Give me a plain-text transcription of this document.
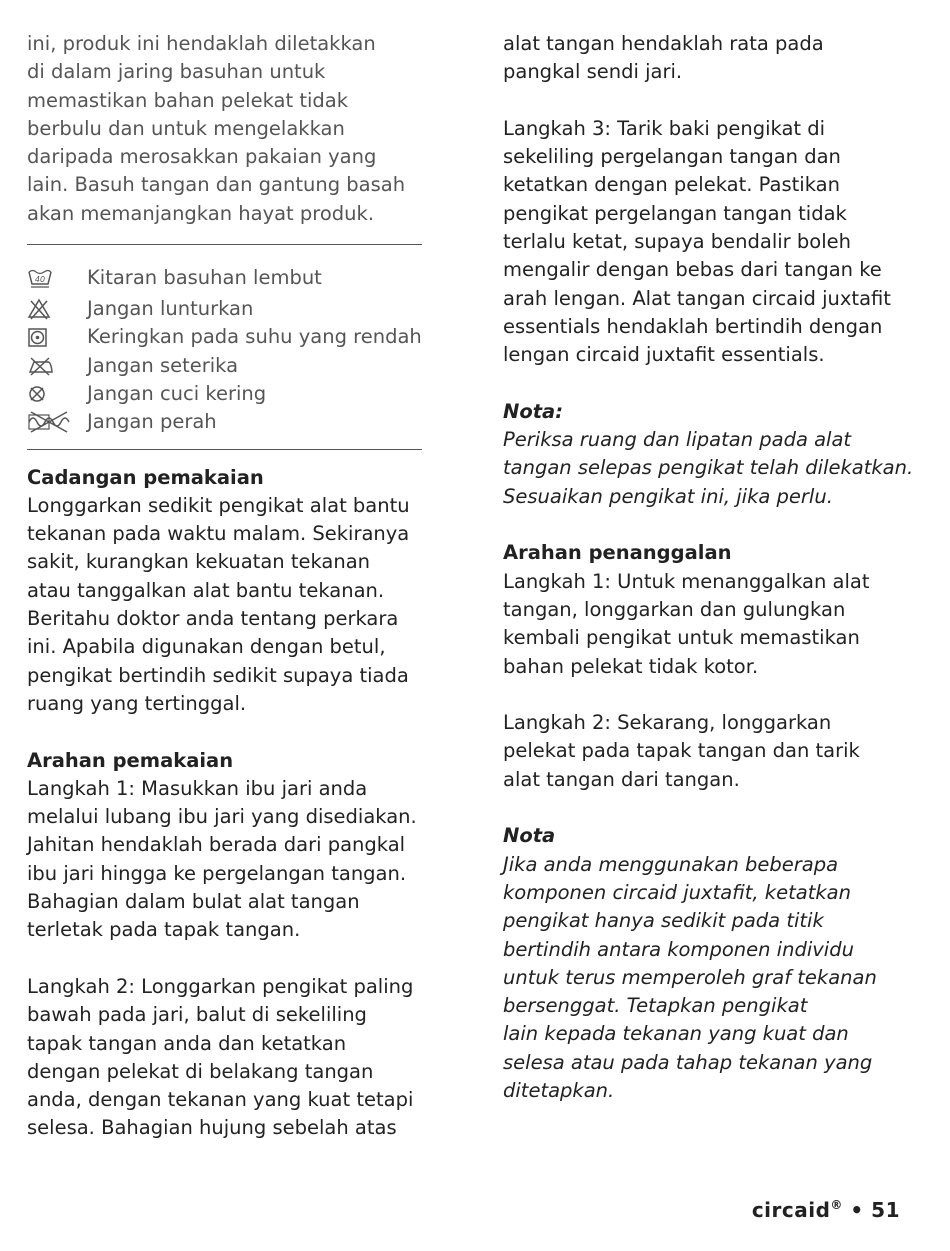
ini, produk ini hendaklah diletakkan
di dalam jaring basuhan untuk
memastikan bahan pelekat tidak
berbulu dan untuk mengelakkan
daripada merosakkan pakaian yang
lain. Basuh tangan dan gantung basah
akan memanjangkan hayat produk.
40 Kitaran basuhan lembut
Jangan lunturkan
Keringkan pada suhu yang rendah
Jangan seterika
Jangan cuci kering
Jangan perah

Cadangan pemakaian

Longgarkan sedikit pengikat alat bantu
tekanan pada waktu malam. Sekiranya
sakit, kurangkan kekuatan tekanan
atau tanggalkan alat bantu tekanan.
Beritahu doktor anda tentang perkara
ini. Apabila digunakan dengan betul,
pengikat bertindih sedikit supaya tiada
ruang yang tertinggal.

Arahan pemakaian

Langkah 1: Masukkan ibu jari anda
melalui lubang ibu jari yang disediakan.
Jahitan hendaklah berada dari pangkal
ibu jari hingga ke pergelangan tangan.
Bahagian dalam bulat alat tangan
terletak pada tapak tangan.
Langkah 2: Longgarkan pengikat paling
bawah pada jari, balut di sekeliling
tapak tangan anda dan ketatkan
dengan pelekat di belakang tangan
anda, dengan tekanan yang kuat tetapi
selesa. Bahagian hujung sebelah atas
alat tangan hendaklah rata pada
pangkal sendi jari.
Langkah 3: Tarik baki pengikat di
sekeliling pergelangan tangan dan
ketatkan dengan pelekat. Pastikan
pengikat pergelangan tangan tidak
terlalu ketat, supaya bendalir boleh
mengalir dengan bebas dari tangan ke
arah lengan. Alat tangan circaid juxtafit
essentials hendaklah bertindih dengan
lengan circaid juxtafit essentials.

Nota:

Periksa ruang dan lipatan pada alat
tangan selepas pengikat telah dilekatkan.
Sesuaikan pengikat ini, jika perlu.

Arahan penanggalan

Langkah 1: Untuk menanggalkan alat
tangan, longgarkan dan gulungkan
kembali pengikat untuk memastikan
bahan pelekat tidak kotor.
Langkah 2: Sekarang, longgarkan
pelekat pada tapak tangan dan tarik
alat tangan dari tangan.

Nota

Jika anda menggunakan beberapa
komponen circaid juxtafit, ketatkan
pengikat hanya sedikit pada titik
bertindih antara komponen individu
untuk terus memperoleh graf tekanan
bersenggat. Tetapkan pengikat
lain kepada tekanan yang kuat dan
selesa atau pada tahap tekanan yang
ditetapkan.
circaid® • 51
